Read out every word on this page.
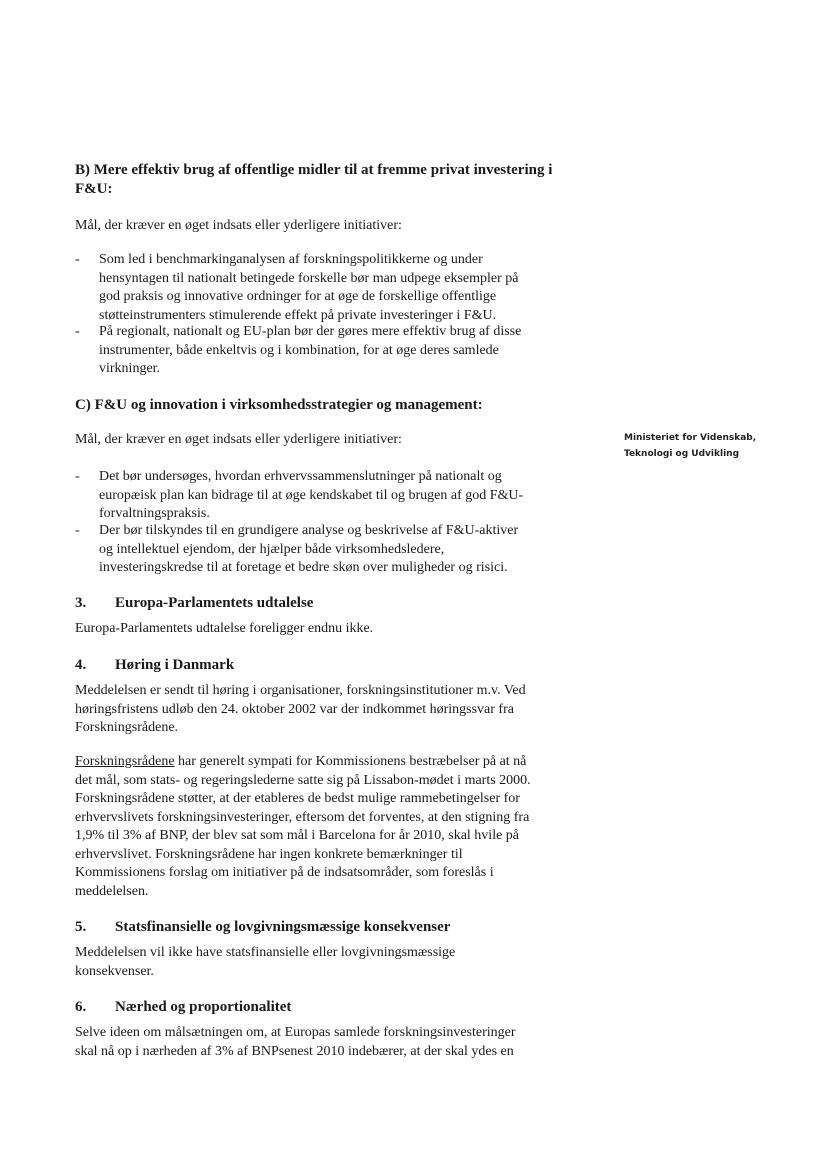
B) Mere effektiv brug af offentlige midler til at fremme privat investering i
F&U:
Mål, der kræver en øget indsats eller yderligere initiativer:
-	Som led i benchmarkinganalysen af forskningspolitikkerne og under
hensyntagen til nationalt betingede forskelle bør man udpege eksempler på
god praksis og innovative ordninger for at øge de forskellige offentlige
støtteinstrumenters stimulerende effekt på private investeringer i F&U.
-	På regionalt, nationalt og EU-plan bør der gøres mere effektiv brug af disse
instrumenter, både enkeltvis og i kombination, for at øge deres samlede
virkninger.
C) F&U og innovation i virksomhedsstrategier og management:
Mål, der kræver en øget indsats eller yderligere initiativer:
-	Det bør undersøges, hvordan erhvervssammenslutninger på nationalt og
europæisk plan kan bidrage til at øge kendskabet til og brugen af god F&U-
forvaltningspraksis.
-	Der bør tilskyndes til en grundigere analyse og beskrivelse af F&U-aktiver
og intellektuel ejendom, der hjælper både virksomhedsledere,
investeringskredse til at foretage et bedre skøn over muligheder og risici.
3. Europa-Parlamentets udtalelse
Europa-Parlamentets udtalelse foreligger endnu ikke.
4. Høring i Danmark
Meddelelsen er sendt til høring i organisationer, forskningsinstitutioner m.v. Ved
høringsfristens udløb den 24. oktober 2002 var der indkommet høringssvar fra
Forskningsrådene.
Forskningsrådene har generelt sympati for Kommissionens bestræbelser på at nå
det mål, som stats- og regeringslederne satte sig på Lissabon-mødet i marts 2000.
Forskningsrådene støtter, at der etableres de bedst mulige rammebetingelser for
erhvervslivets forskningsinvesteringer, eftersom det forventes, at den stigning fra
1,9% til 3% af BNP, der blev sat som mål i Barcelona for år 2010, skal hvile på
erhvervslivet. Forskningsrådene har ingen konkrete bemærkninger til
Kommissionens forslag om initiativer på de indsatsområder, som foreslås i
meddelelsen.
5. Statsfinansielle og lovgivningsmæssige konsekvenser
Meddelelsen vil ikke have statsfinansielle eller lovgivningsmæssige
konsekvenser.
6. Nærhed og proportionalitet
Selve ideen om målsætningen om, at Europas samlede forskningsinvesteringer
skal nå op i nærheden af 3% af BNPsenest 2010 indebærer, at der skal ydes en
Ministeriet for Videnskab,
Teknologi og Udvikling
